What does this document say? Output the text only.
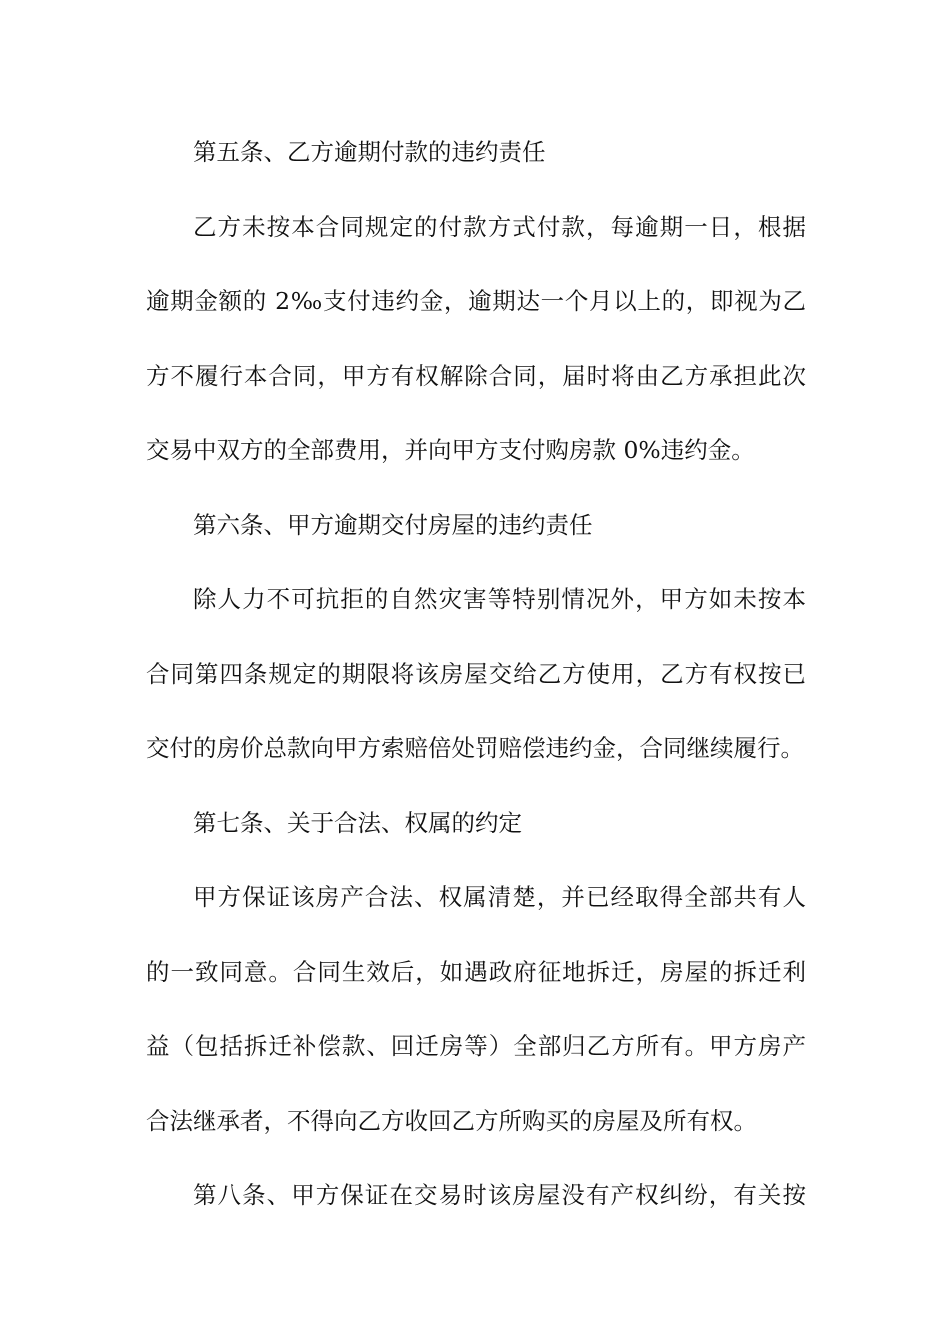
第五条、乙方逾期付款的违约责任
乙方未按本合同规定的付款方式付款，每逾期一日，根据
逾期金额的 2‰支付违约金，逾期达一个月以上的，即视为乙
方不履行本合同，甲方有权解除合同，届时将由乙方承担此次
交易中双方的全部费用，并向甲方支付购房款 0%违约金。
第六条、甲方逾期交付房屋的违约责任
除人力不可抗拒的自然灾害等特别情况外，甲方如未按本
合同第四条规定的期限将该房屋交给乙方使用，乙方有权按已
交付的房价总款向甲方索赔倍处罚赔偿违约金，合同继续履行。
第七条、关于合法、权属的约定
甲方保证该房产合法、权属清楚，并已经取得全部共有人
的一致同意。合同生效后，如遇政府征地拆迁，房屋的拆迁利
益（包括拆迁补偿款、回迁房等）全部归乙方所有。甲方房产
合法继承者，不得向乙方收回乙方所购买的房屋及所有权。
第八条、甲方保证在交易时该房屋没有产权纠纷，有关按
